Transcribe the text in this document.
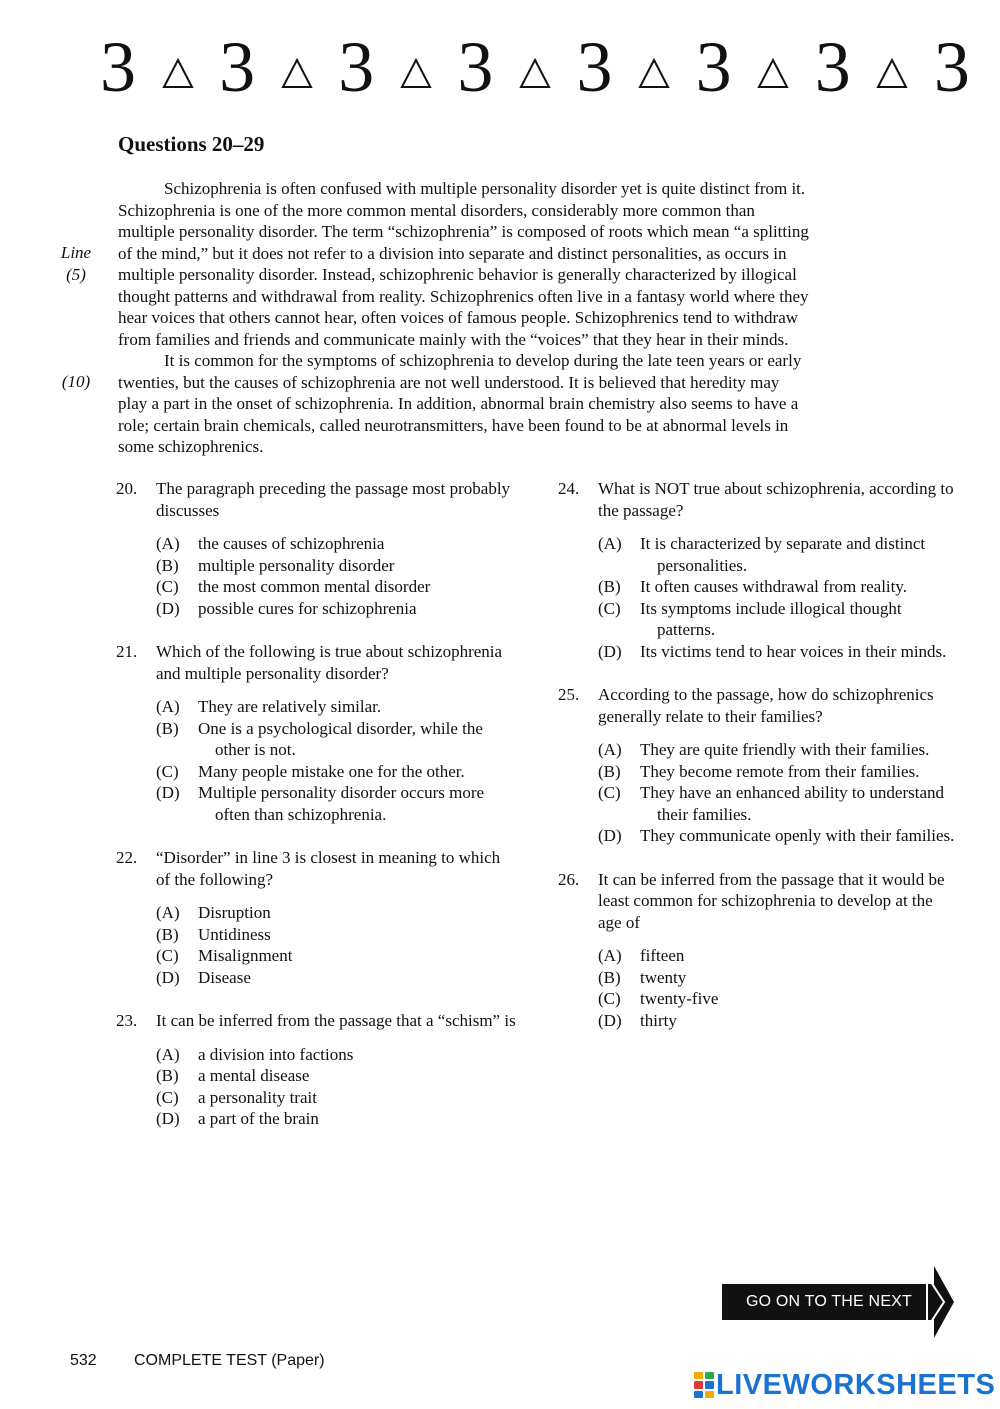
3 3 3 3 3 3 3 3
Questions 20–29
Line
(5)
(10)
Schizophrenia is often confused with multiple personality disorder yet is quite distinct from it.
Schizophrenia is one of the more common mental disorders, considerably more common than
multiple personality disorder. The term “schizophrenia” is composed of roots which mean “a splitting
of the mind,” but it does not refer to a division into separate and distinct personalities, as occurs in
multiple personality disorder. Instead, schizophrenic behavior is generally characterized by illogical
thought patterns and withdrawal from reality. Schizophrenics often live in a fantasy world where they
hear voices that others cannot hear, often voices of famous people. Schizophrenics tend to withdraw
from families and friends and communicate mainly with the “voices” that they hear in their minds.
It is common for the symptoms of schizophrenia to develop during the late teen years or early
twenties, but the causes of schizophrenia are not well understood. It is believed that heredity may
play a part in the onset of schizophrenia. In addition, abnormal brain chemistry also seems to have a
role; certain brain chemicals, called neurotransmitters, have been found to be at abnormal levels in
some schizophrenics.
20.	The paragraph preceding the passage most probably discusses
(A)	the causes of schizophrenia
(B)	multiple personality disorder
(C)	the most common mental disorder
(D)	possible cures for schizophrenia
21.	Which of the following is true about schizophrenia and multiple personality disorder?
(A)	They are relatively similar.
(B)	One is a psychological disorder, while the other is not.
(C)	Many people mistake one for the other.
(D)	Multiple personality disorder occurs more often than schizophrenia.
22.	“Disorder” in line 3 is closest in meaning to which of the following?
(A)	Disruption
(B)	Untidiness
(C)	Misalignment
(D)	Disease
23.	It can be inferred from the passage that a “schism” is
(A)	a division into factions
(B)	a mental disease
(C)	a personality trait
(D)	a part of the brain
24.	What is NOT true about schizophrenia, according to the passage?
(A)	It is characterized by separate and distinct personalities.
(B)	It often causes withdrawal from reality.
(C)	Its symptoms include illogical thought patterns.
(D)	Its victims tend to hear voices in their minds.
25.	According to the passage, how do schizophrenics generally relate to their families?
(A)	They are quite friendly with their families.
(B)	They become remote from their families.
(C)	They have an enhanced ability to understand their families.
(D)	They communicate openly with their families.
26.	It can be inferred from the passage that it would be least common for schizophrenia to develop at the age of
(A)	fifteen
(B)	twenty
(C)	twenty-five
(D)	thirty
GO ON TO THE NEXT PAGE
532 COMPLETE TEST (Paper)
LIVEWORKSHEETS
